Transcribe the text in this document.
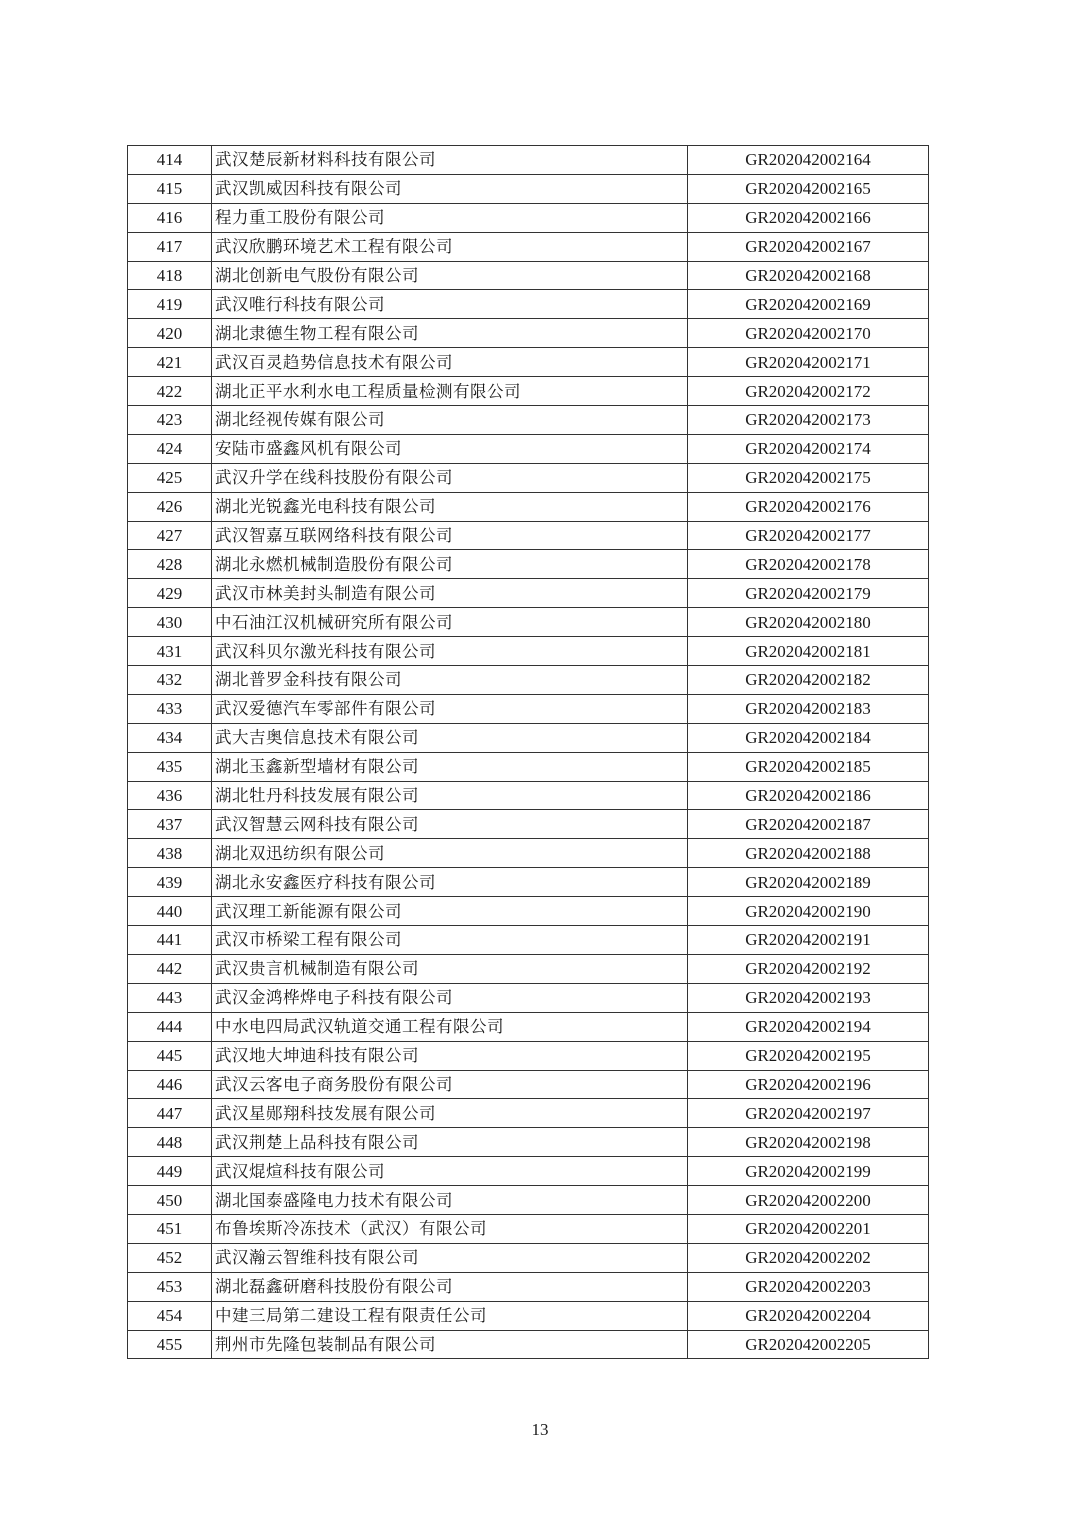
414	武汉楚辰新材料科技有限公司	GR202042002164
415	武汉凯威因科技有限公司	GR202042002165
416	程力重工股份有限公司	GR202042002166
417	武汉欣鹏环境艺术工程有限公司	GR202042002167
418	湖北创新电气股份有限公司	GR202042002168
419	武汉唯行科技有限公司	GR202042002169
420	湖北隶德生物工程有限公司	GR202042002170
421	武汉百灵趋势信息技术有限公司	GR202042002171
422	湖北正平水利水电工程质量检测有限公司	GR202042002172
423	湖北经视传媒有限公司	GR202042002173
424	安陆市盛鑫风机有限公司	GR202042002174
425	武汉升学在线科技股份有限公司	GR202042002175
426	湖北光锐鑫光电科技有限公司	GR202042002176
427	武汉智嘉互联网络科技有限公司	GR202042002177
428	湖北永燃机械制造股份有限公司	GR202042002178
429	武汉市林美封头制造有限公司	GR202042002179
430	中石油江汉机械研究所有限公司	GR202042002180
431	武汉科贝尔激光科技有限公司	GR202042002181
432	湖北普罗金科技有限公司	GR202042002182
433	武汉爱德汽车零部件有限公司	GR202042002183
434	武大吉奥信息技术有限公司	GR202042002184
435	湖北玉鑫新型墙材有限公司	GR202042002185
436	湖北牡丹科技发展有限公司	GR202042002186
437	武汉智慧云网科技有限公司	GR202042002187
438	湖北双迅纺织有限公司	GR202042002188
439	湖北永安鑫医疗科技有限公司	GR202042002189
440	武汉理工新能源有限公司	GR202042002190
441	武汉市桥梁工程有限公司	GR202042002191
442	武汉贵言机械制造有限公司	GR202042002192
443	武汉金鸿桦烨电子科技有限公司	GR202042002193
444	中水电四局武汉轨道交通工程有限公司	GR202042002194
445	武汉地大坤迪科技有限公司	GR202042002195
446	武汉云客电子商务股份有限公司	GR202042002196
447	武汉星郧翔科技发展有限公司	GR202042002197
448	武汉荆楚上品科技有限公司	GR202042002198
449	武汉焜煊科技有限公司	GR202042002199
450	湖北国泰盛隆电力技术有限公司	GR202042002200
451	布鲁埃斯冷冻技术（武汉）有限公司	GR202042002201
452	武汉瀚云智维科技有限公司	GR202042002202
453	湖北磊鑫研磨科技股份有限公司	GR202042002203
454	中建三局第二建设工程有限责任公司	GR202042002204
455	荆州市先隆包装制品有限公司	GR202042002205
13
